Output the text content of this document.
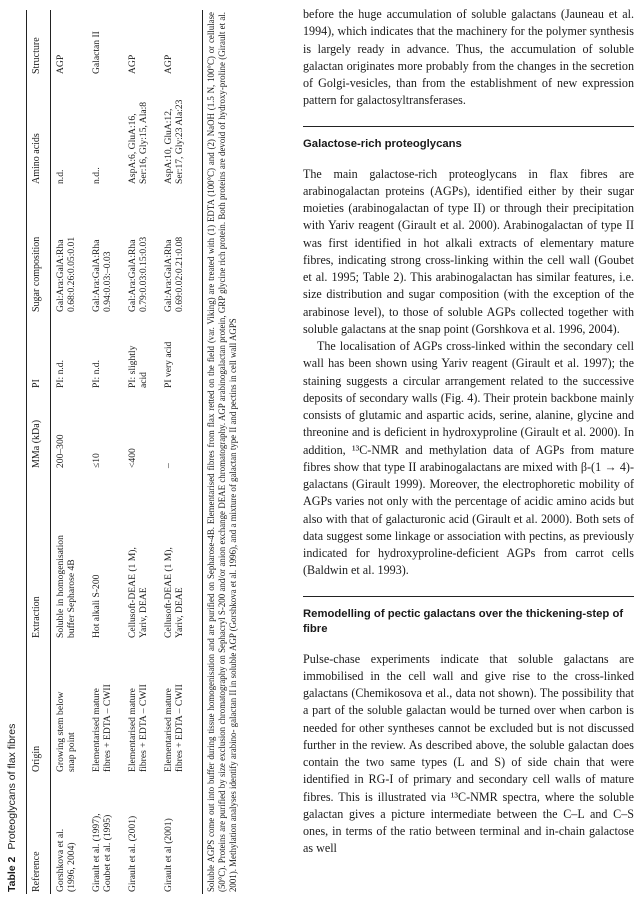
Table 2 Proteoglycans of flax fibres
Reference
Origin
Extraction
MMa (kDa)
PI
Sugar composition
Amino acids
Structure
Gorshkova et al. (1996, 2004)
Growing stem below snap point
Soluble in homogenisation buffer Sepharose 4B
200–300
PI: n.d.
Gal:Ara:GalA:Rha 0.68:0.26:0.05:0.01
n.d.
AGP
Girault et al. (1997), Goubet et al. (1995)
Elementarised mature fibres + EDTA – CWII
Hot alkali S-200
≤10
PI: n.d.
Gal:Ara:GalA:Rha 0.94:0.03:–0.03
n.d..
Galactan II
Girault et al. (2001)
Elementarised mature fibres + EDTA – CWII
Cellusoft-DEAE (1 M), Yariv, DEAE
<400
PI: slightly acid
Gal:Ara:GalA:Rha 0.79:0.03:0.15:0.03
AspA:6, GluA:16, Ser:16, Gly:15, Ala:8
AGP
Girault et al (2001)
Elementarised mature fibres + EDTA – CWII
Cellusoft-DEAE (1 M), Yariv, DEAE
–
PI very acid
Gal:Ara:GalA:Rha 0.69:0.02:0.21:0.08
AspA:10, GluA:12, Ser:17, Gly:23 Ala:23
AGP
Soluble AGPS come out into buffer during tissue homogenisation and are purified on Sepharose-4B. Elementarised fibres from flax retted on the field (var. Viking) are treated with (1) EDTA (100°C) and (2) NaOH (1.5 N, 100°C) or cellulase (50°C). Proteins are purified by size exclusion chromatography on Sephacryl S-200 and/or anion exchange DEAE chromatography. AGP arabinogalactan protein, GRP glycine rich protein. Both proteins are devoid of hydroxy-proline (Girault et al. 2001). Methylation analyses identify arabino- galactan II in soluble AGP (Gorshkova et al. 1996), and a mixture of galactan type II and pectins in cell wall AGPS

before the huge accumulation of soluble galactans (Jauneau et al. 1994), which indicates that the machinery for the polymer synthesis is largely ready in advance. Thus, the accumulation of soluble galactan originates more probably from the changes in the secretion of Golgi-vesicles, than from the establishment of new expression pattern for galactosyltransferases.

Galactose-rich proteoglycans

The main galactose-rich proteoglycans in flax fibres are arabinogalactan proteins (AGPs), identified either by their sugar moieties (arabinogalactan of type II) or through their precipitation with Yariv reagent (Girault et al. 2000). Arabinogalactan of type II was first identified in hot alkali extracts of elementary mature fibres, indicating strong cross-linking within the cell wall (Goubet et al. 1995; Table 2). This arabinogalactan has similar features, i.e. size distribution and sugar composition (with the exception of the arabinose level), to those of soluble AGPs collected together with soluble galactans at the snap point (Gorshkova et al. 1996, 2004).

The localisation of AGPs cross-linked within the secondary cell wall has been shown using Yariv reagent (Girault et al. 1997); the staining suggests a circular arrangement related to the successive deposits of secondary walls (Fig. 4). Their protein backbone mainly consists of glutamic and aspartic acids, serine, alanine, glycine and threonine and is deficient in hydroxyproline (Girault et al. 2000). In addition, ¹³C-NMR and methylation data of AGPs from mature fibres show that type II arabinogalactans are mixed with β-(1 → 4)-galactans (Girault 1999). Moreover, the electrophoretic mobility of AGPs varies not only with the percentage of acidic amino acids but also with that of galacturonic acid (Girault et al. 2000). Both sets of data suggest some linkage or association with pectins, as previously indicated for hydroxyproline-deficient AGPs from carrot cells (Baldwin et al. 1993).

Remodelling of pectic galactans over the thickening-step of fibre

Pulse-chase experiments indicate that soluble galactans are immobilised in the cell wall and give rise to the cross-linked galactans (Chemikosova et al., data not shown). The possibility that a part of the soluble galactan would be turned over when carbon is needed for other syntheses cannot be excluded but is not discussed further in the review. As described above, the soluble galactan does contain the two same types (L and S) of side chain that were identified in RG-I of primary and secondary cell walls of mature fibres. This is illustrated via ¹³C-NMR spectra, where the soluble galactan gives a picture intermediate between the C–L and C–S ones, in terms of the ratio between terminal and in-chain galactose as well
